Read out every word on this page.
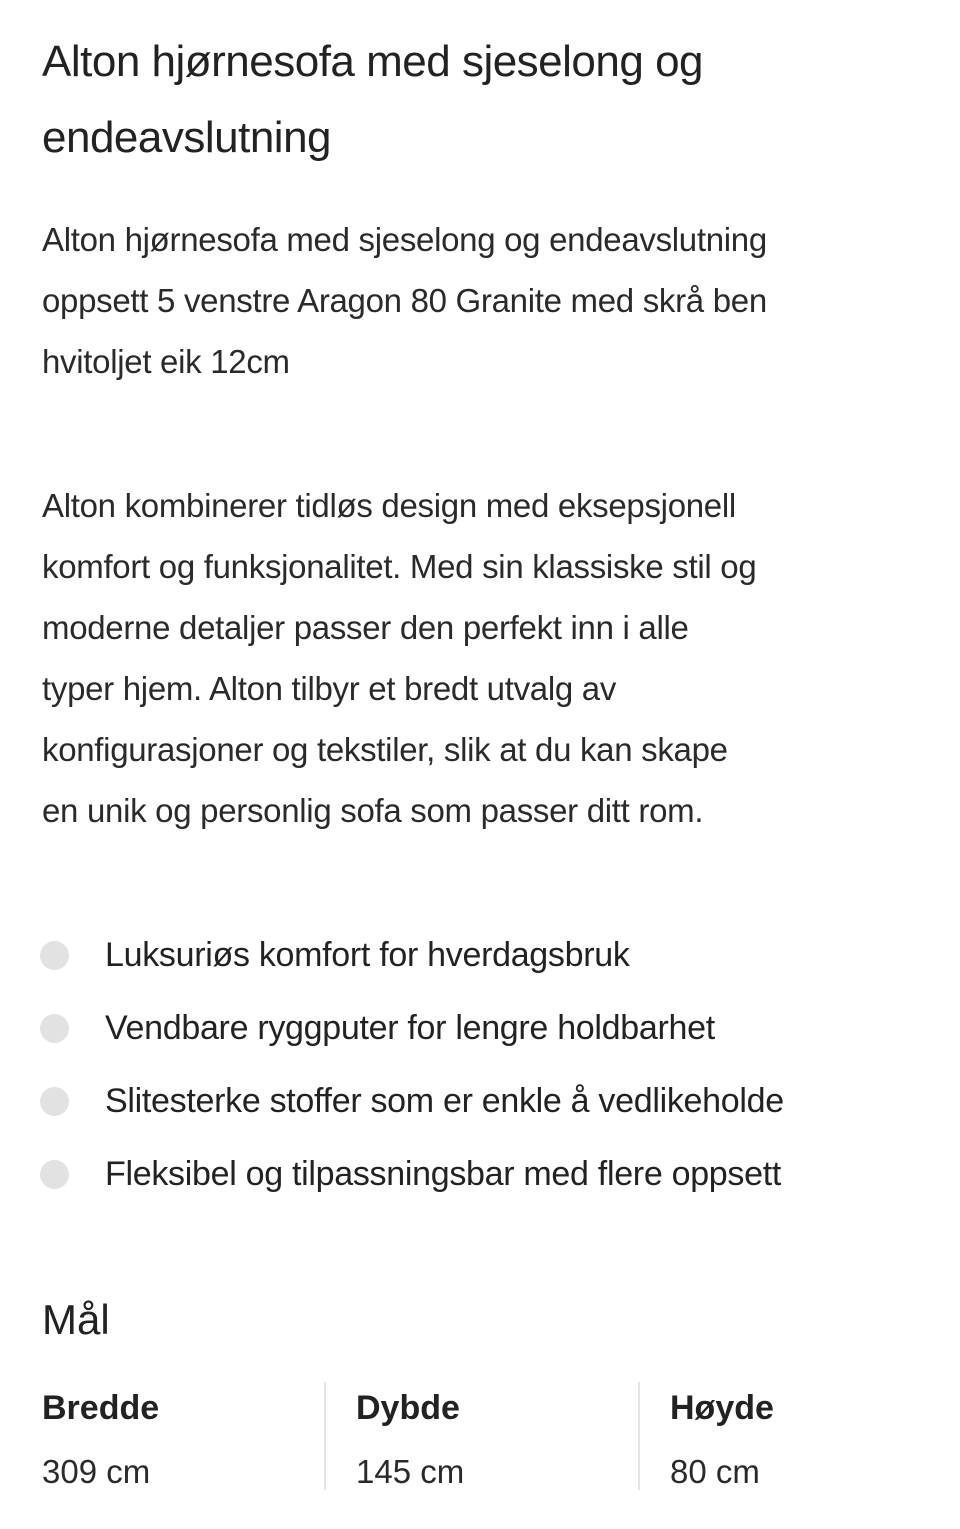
Alton hjørnesofa med sjeselong og
endeavslutning
Alton hjørnesofa med sjeselong og endeavslutning
oppsett 5 venstre Aragon 80 Granite med skrå ben
hvitoljet eik 12cm
Alton kombinerer tidløs design med eksepsjonell
komfort og funksjonalitet. Med sin klassiske stil og
moderne detaljer passer den perfekt inn i alle
typer hjem. Alton tilbyr et bredt utvalg av
konfigurasjoner og tekstiler, slik at du kan skape
en unik og personlig sofa som passer ditt rom.
Luksuriøs komfort for hverdagsbruk
Vendbare ryggputer for lengre holdbarhet
Slitesterke stoffer som er enkle å vedlikeholde
Fleksibel og tilpassningsbar med flere oppsett
Mål
Bredde
309 cm
Dybde
145 cm
Høyde
80 cm
